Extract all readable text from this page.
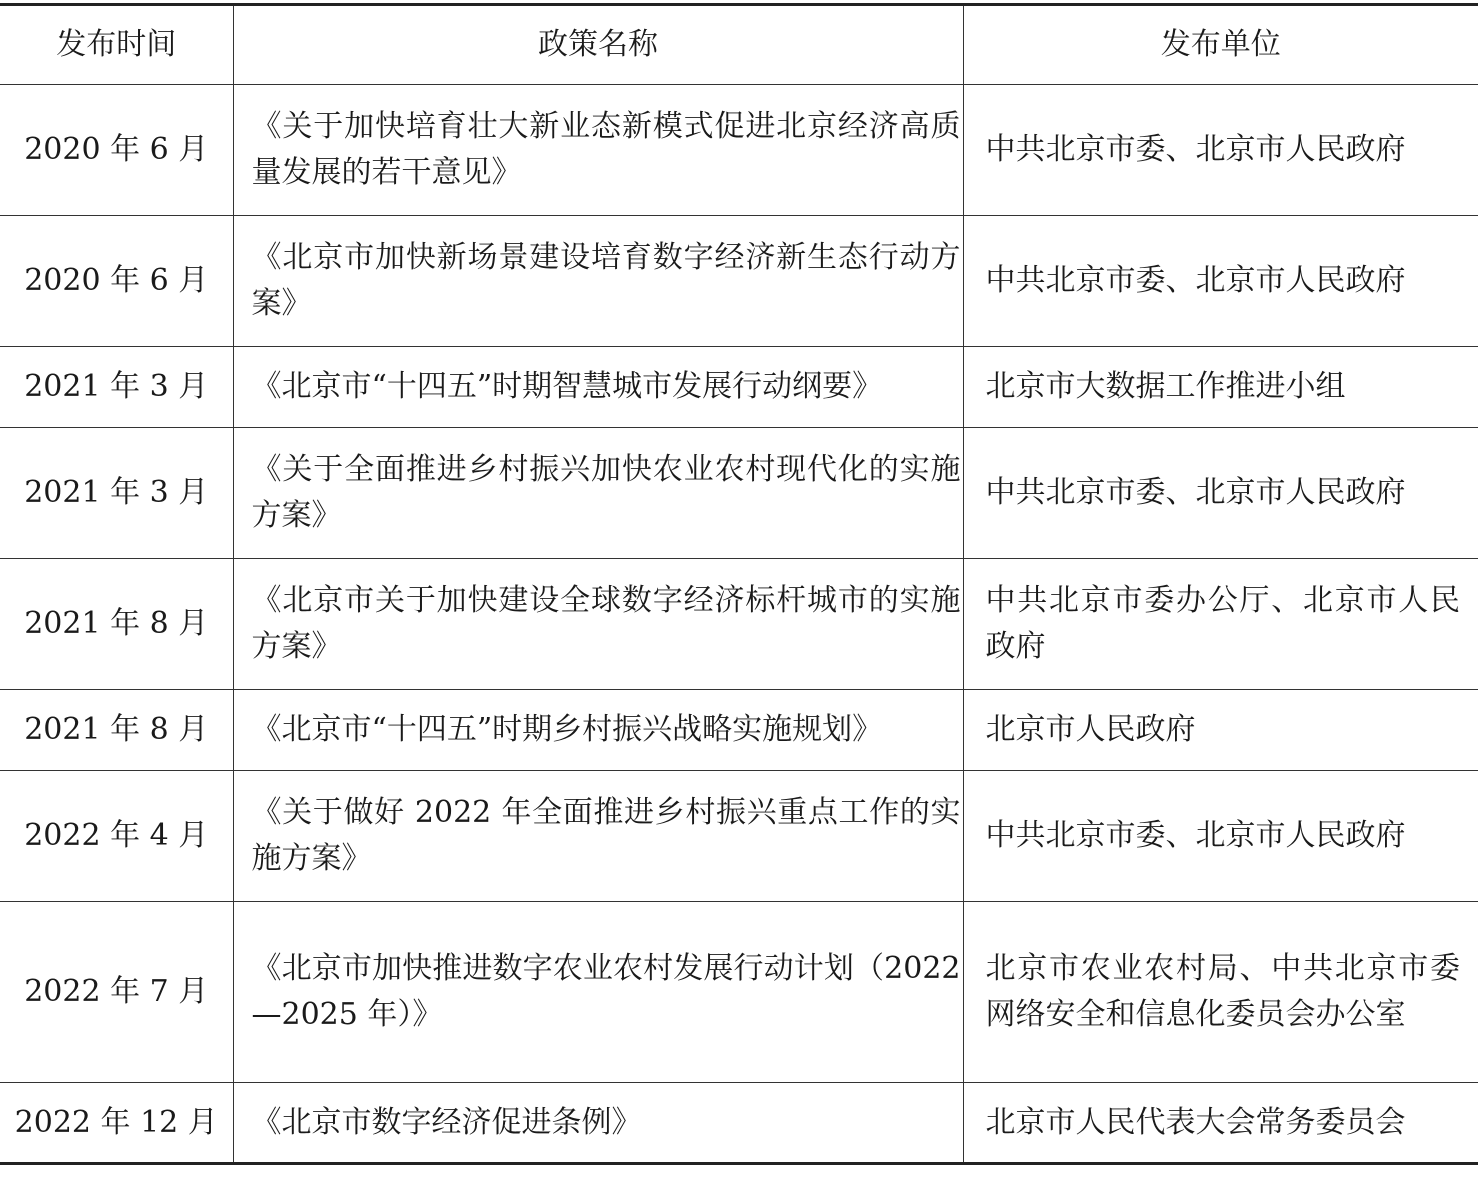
发布时间	政策名称	发布单位
2020 年 6 月	《关于加快培育壮大新业态新模式促进北京经济高质量发展的若干意见》	中共北京市委、北京市人民政府
2020 年 6 月	《北京市加快新场景建设培育数字经济新生态行动方案》	中共北京市委、北京市人民政府
2021 年 3 月	《北京市“十四五”时期智慧城市发展行动纲要》	北京市大数据工作推进小组
2021 年 3 月	《关于全面推进乡村振兴加快农业农村现代化的实施方案》	中共北京市委、北京市人民政府
2021 年 8 月	《北京市关于加快建设全球数字经济标杆城市的实施方案》	中共北京市委办公厅、北京市人民政府
2021 年 8 月	《北京市“十四五”时期乡村振兴战略实施规划》	北京市人民政府
2022 年 4 月	《关于做好 2022 年全面推进乡村振兴重点工作的实施方案》	中共北京市委、北京市人民政府
2022 年 7 月	《北京市加快推进数字农业农村发展行动计划（2022—2025 年）》	北京市农业农村局、中共北京市委网络安全和信息化委员会办公室
2022 年 12 月	《北京市数字经济促进条例》	北京市人民代表大会常务委员会
